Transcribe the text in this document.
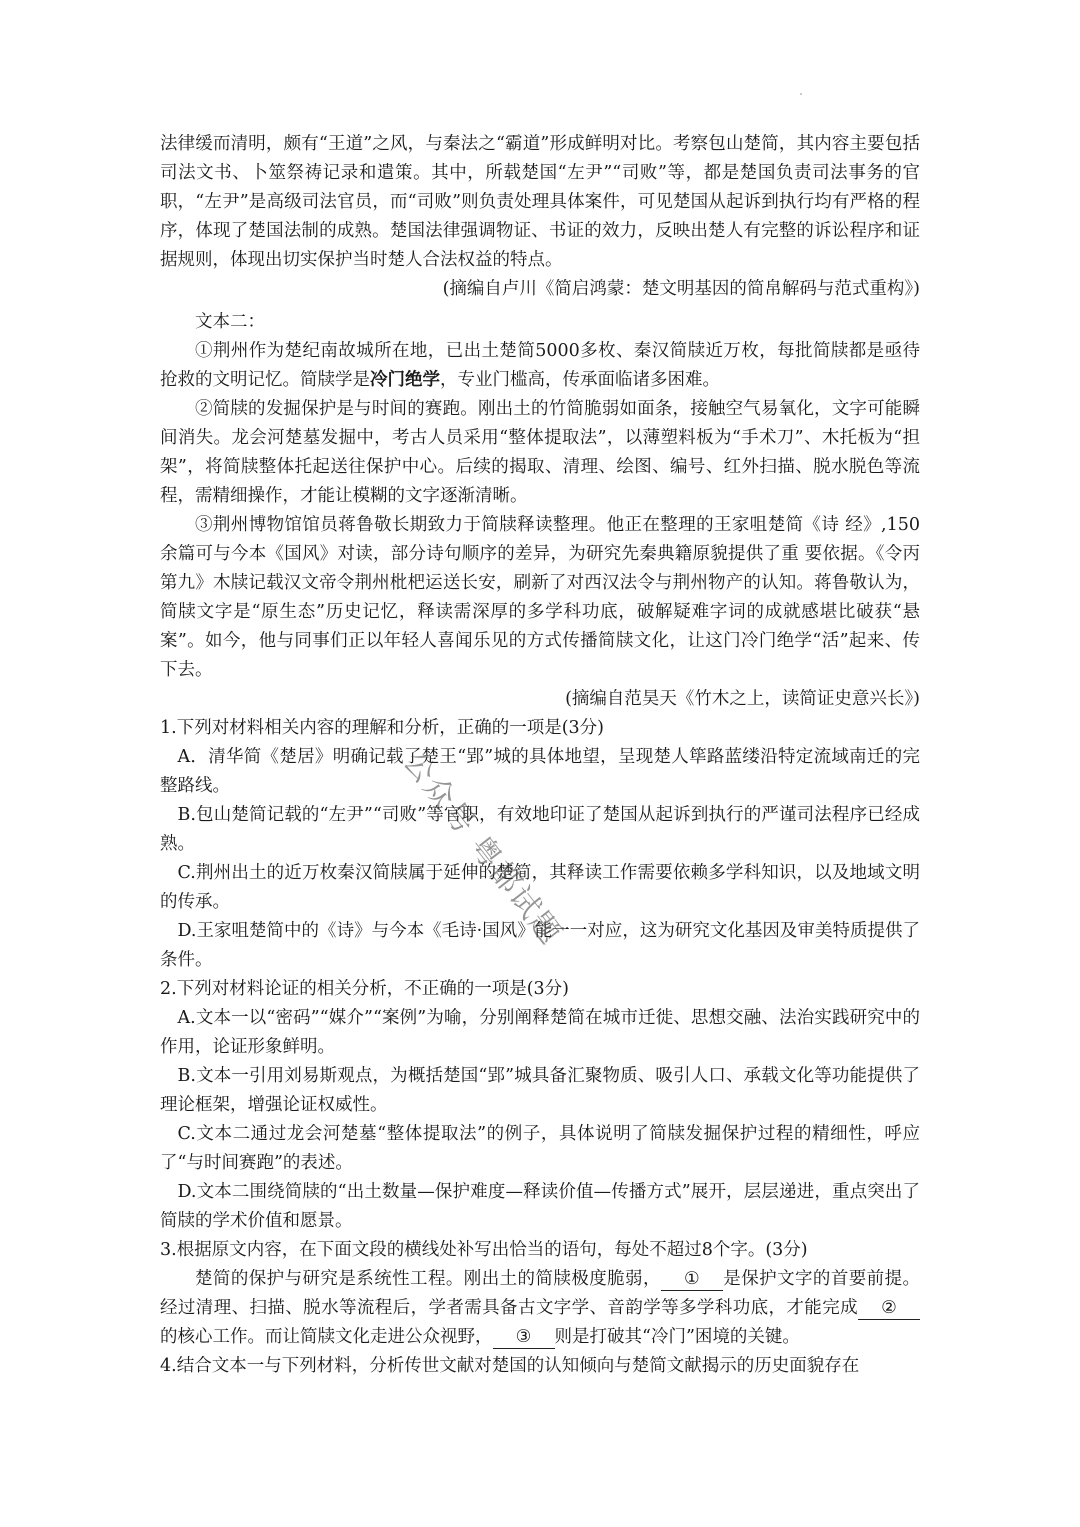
法律缓而清明，颇有“王道”之风，与秦法之“霸道”形成鲜明对比。考察包山楚简，其内容主要包括司法文书、卜筮祭祷记录和遣策。其中，所载楚国“左尹”“司败”等，都是楚国负责司法事务的官职，“左尹”是高级司法官员，而“司败”则负责处理具体案件，可见楚国从起诉到执行均有严格的程序，体现了楚国法制的成熟。楚国法律强调物证、书证的效力，反映出楚人有完整的诉讼程序和证据规则，体现出切实保护当时楚人合法权益的特点。

(摘编自卢川《简启鸿蒙：楚文明基因的简帛解码与范式重构》)

文本二：

①荆州作为楚纪南故城所在地，已出土楚简5000多枚、秦汉简牍近万枚，每批简牍都是亟待抢救的文明记忆。简牍学是冷门绝学，专业门槛高，传承面临诸多困难。

②简牍的发掘保护是与时间的赛跑。刚出土的竹简脆弱如面条，接触空气易氧化，文字可能瞬间消失。龙会河楚墓发掘中，考古人员采用“整体提取法”，以薄塑料板为“手术刀”、木托板为“担架”，将简牍整体托起送往保护中心。后续的揭取、清理、绘图、编号、红外扫描、脱水脱色等流程，需精细操作，才能让模糊的文字逐渐清晰。

③荆州博物馆馆员蒋鲁敬长期致力于简牍释读整理。他正在整理的王家咀楚简《诗 经》,150余篇可与今本《国风》对读，部分诗句顺序的差异，为研究先秦典籍原貌提供了重 要依据。《令丙第九》木牍记载汉文帝令荆州枇杷运送长安，刷新了对西汉法令与荆州物产的认知。蒋鲁敬认为，简牍文字是“原生态”历史记忆，释读需深厚的多学科功底，破解疑难字词的成就感堪比破获“悬案”。如今，他与同事们正以年轻人喜闻乐见的方式传播简牍文化，让这门冷门绝学“活”起来、传下去。

(摘编自范昊天《竹木之上，读简证史意兴长》)

1.下列对材料相关内容的理解和分析，正确的一项是(3分)

A．清华简《楚居》明确记载了楚王“郢”城的具体地望，呈现楚人筚路蓝缕沿特定流域南迁的完整路线。

B.包山楚简记载的“左尹”“司败”等官职，有效地印证了楚国从起诉到执行的严谨司法程序已经成熟。

C.荆州出土的近万枚秦汉简牍属于延伸的楚简，其释读工作需要依赖多学科知识，以及地域文明的传承。

D.王家咀楚简中的《诗》与今本《毛诗·国风》能一一对应，这为研究文化基因及审美特质提供了条件。

2.下列对材料论证的相关分析，不正确的一项是(3分)

A.文本一以“密码”“媒介”“案例”为喻，分别阐释楚简在城市迁徙、思想交融、法治实践研究中的作用，论证形象鲜明。

B.文本一引用刘易斯观点，为概括楚国“郢”城具备汇聚物质、吸引人口、承载文化等功能提供了理论框架，增强论证权威性。

C.文本二通过龙会河楚墓“整体提取法”的例子，具体说明了简牍发掘保护过程的精细性，呼应了“与时间赛跑”的表述。

D.文本二围绕简牍的“出土数量—保护难度—释读价值—传播方式”展开，层层递进，重点突出了简牍的学术价值和愿景。

3.根据原文内容，在下面文段的横线处补写出恰当的语句，每处不超过8个字。(3分)

楚简的保护与研究是系统性工程。刚出土的简牍极度脆弱， ① 是保护文字的首要前提。经过清理、扫描、脱水等流程后，学者需具备古文字学、音韵学等多学科功底，才能完成 ②的核心工作。而让简牍文化走进公众视野， ③ 则是打破其“冷门”困境的关键。

4.结合文本一与下列材料，分析传世文献对楚国的认知倾向与楚简文献揭示的历史面貌存在

公众号 粤都试题
